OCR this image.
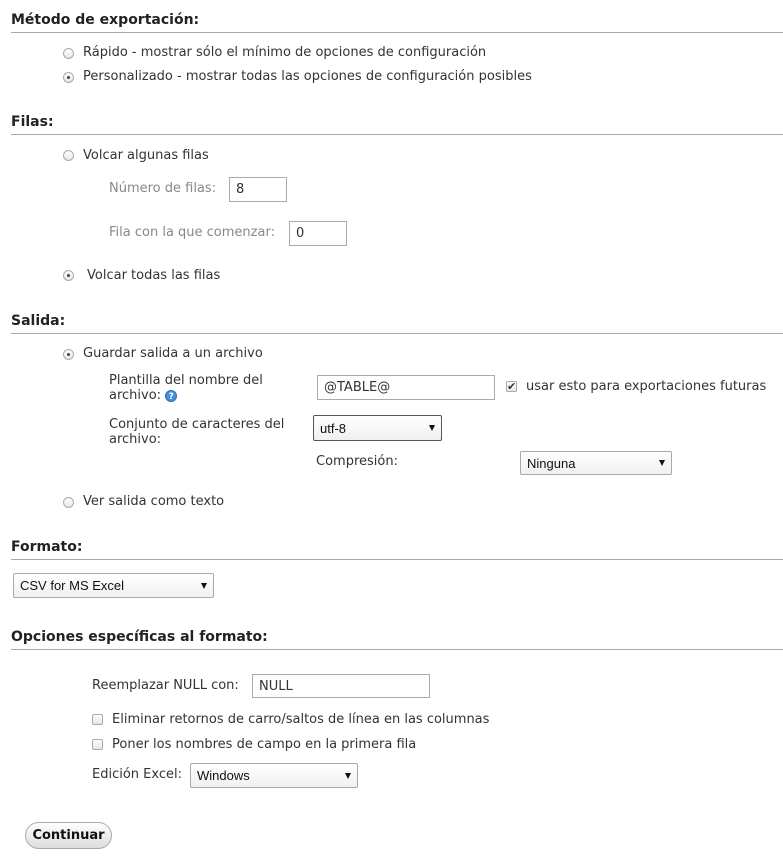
Método de exportación:
Rápido - mostrar sólo el mínimo de opciones de configuración
Personalizado - mostrar todas las opciones de configuración posibles
Filas:
Volcar algunas filas
Número de filas:	8
Fila con la que comenzar:	0
Volcar todas las filas
Salida:
Guardar salida a un archivo
Plantilla del nombre del
archivo: ?
@TABLE@	✔ usar esto para exportaciones futuras
Conjunto de caracteres del
archivo:
utf-8
Compresión:	Ninguna
Ver salida como texto
Formato:
CSV for MS Excel
Opciones específicas al formato:
Reemplazar NULL con:	NULL
Eliminar retornos de carro/saltos de línea en las columnas
Poner los nombres de campo en la primera fila
Edición Excel: Windows
Continuar
